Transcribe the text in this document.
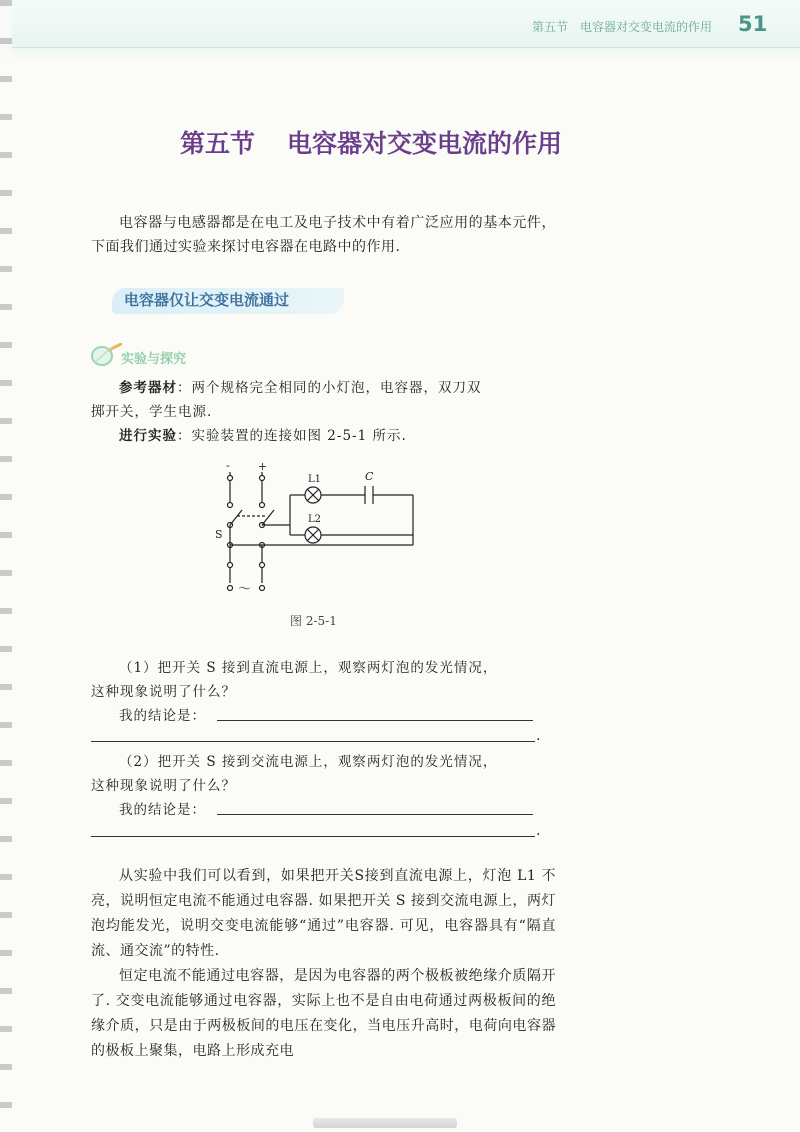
第五节 电容器对交变电流的作用	51
第五节 电容器对交变电流的作用

电容器与电感器都是在电工及电子技术中有着广泛应用的基本元件，下面我们通过实验来探讨电容器在电路中的作用.

电容器仅让交变电流通过
实验与探究

参考器材：两个规格完全相同的小灯泡，电容器，双刀双

掷开关，学生电源.

进行实验：实验装置的连接如图 2-5-1 所示.

-	+
L1
L2
C
S
～
图 2-5-1

（1）把开关 S 接到直流电源上，观察两灯泡的发光情况，

这种现象说明了什么？

我的结论是：

.

（2）把开关 S 接到交流电源上，观察两灯泡的发光情况，

这种现象说明了什么？

我的结论是：

.

从实验中我们可以看到，如果把开关S接到直流电源上，灯泡 L1 不亮，说明恒定电流不能通过电容器. 如果把开关 S 接到交流电源上，两灯泡均能发光，说明交变电流能够“通过”电容器. 可见，电容器具有“隔直流、通交流”的特性.

恒定电流不能通过电容器，是因为电容器的两个极板被绝缘介质隔开了. 交变电流能够通过电容器，实际上也不是自由电荷通过两极板间的绝缘介质，只是由于两极板间的电压在变化，当电压升高时，电荷向电容器的极板上聚集，电路上形成充电
